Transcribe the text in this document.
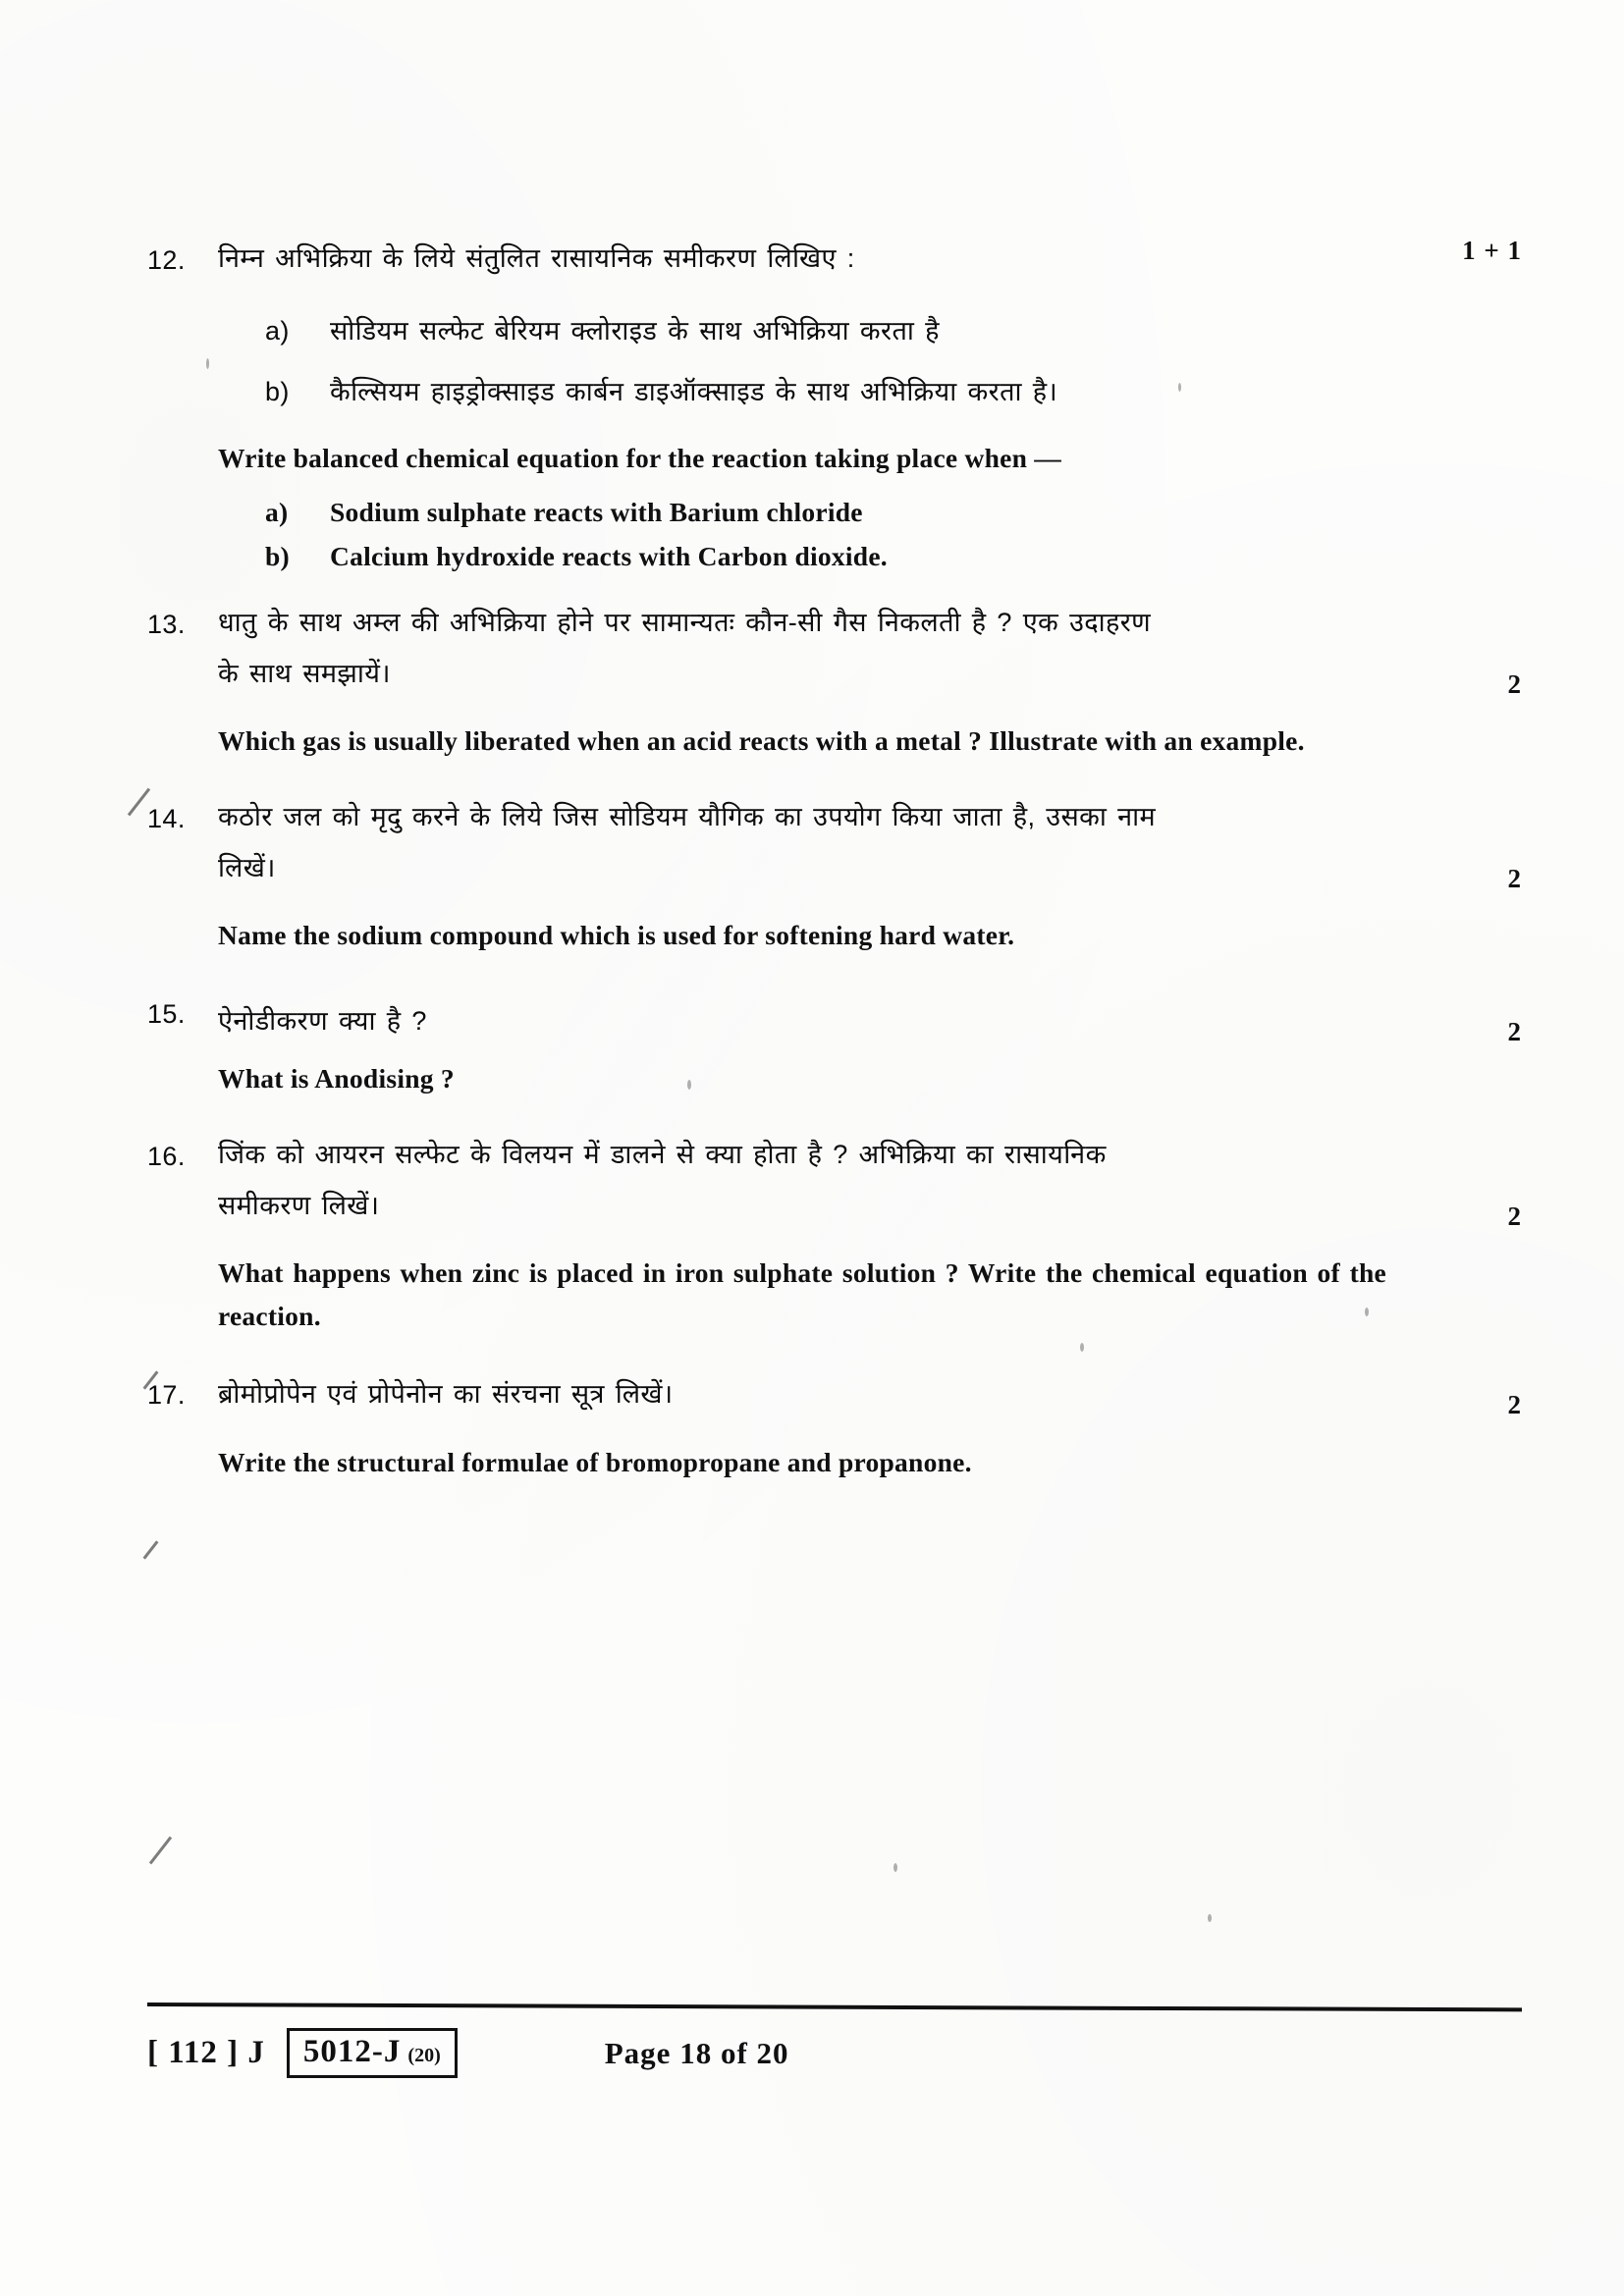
12.	निम्न अभिक्रिया के लिये संतुलित रासायनिक समीकरण लिखिए :	1 + 1
a)	सोडियम सल्फेट बेरियम क्लोराइड के साथ अभिक्रिया करता है
b)	कैल्सियम हाइड्रोक्साइड कार्बन डाइऑक्साइड के साथ अभिक्रिया करता है।
Write balanced chemical equation for the reaction taking place when —
a)	Sodium sulphate reacts with Barium chloride
b)	Calcium hydroxide reacts with Carbon dioxide.
13.	धातु के साथ अम्ल की अभिक्रिया होने पर सामान्यतः कौन-सी गैस निकलती है ? एक उदाहरण
के साथ समझायें।	2
Which gas is usually liberated when an acid reacts with a metal ? Illustrate with an example.
14.	कठोर जल को मृदु करने के लिये जिस सोडियम यौगिक का उपयोग किया जाता है, उसका नाम
लिखें।	2
Name the sodium compound which is used for softening hard water.
15.	ऐनोडीकरण क्या है ?	2
What is Anodising ?
16.	जिंक को आयरन सल्फेट के विलयन में डालने से क्या होता है ? अभिक्रिया का रासायनिक
समीकरण लिखें।	2
What happens when zinc is placed in iron sulphate solution ? Write the chemical equation of the reaction.
17.	ब्रोमोप्रोपेन एवं प्रोपेनोन का संरचना सूत्र लिखें।	2
Write the structural formulae of bromopropane and propanone.
[ 112 ] J 5012-J (20)	Page 18 of 20
